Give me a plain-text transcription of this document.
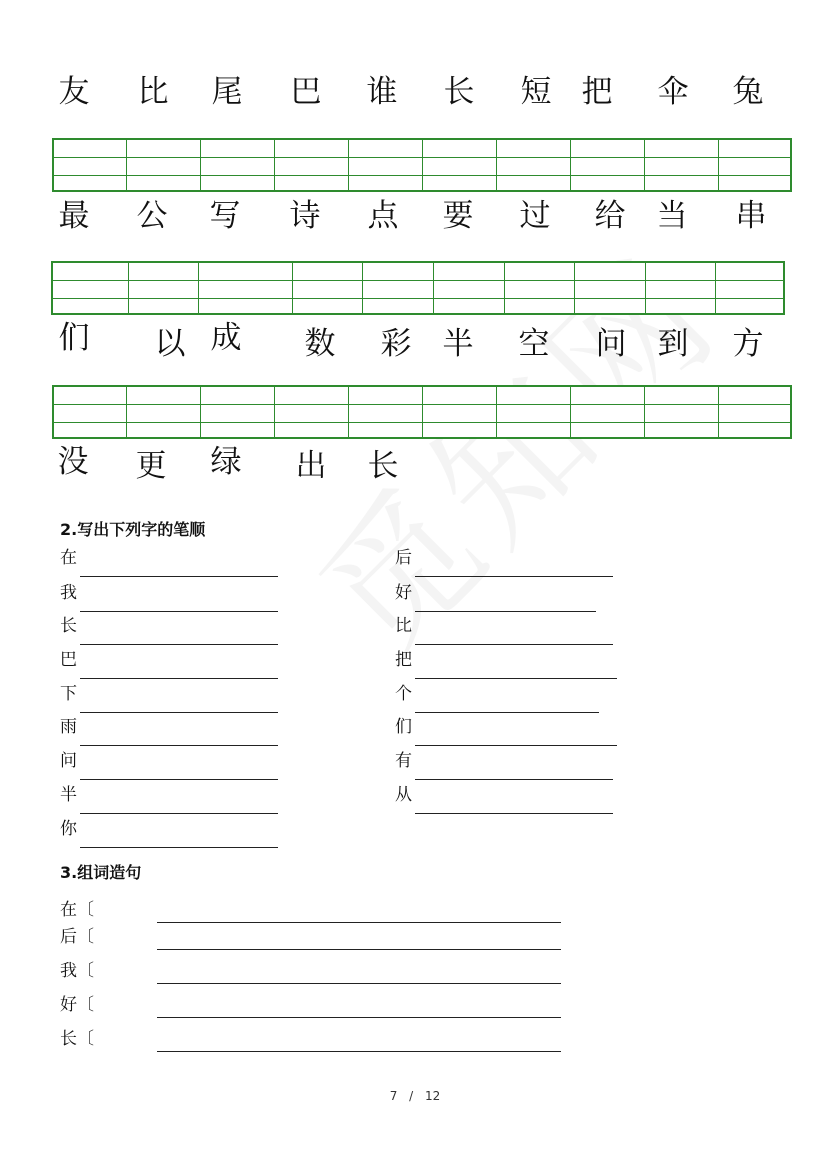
友	比	尾	巴	谁	长	短 把	伞	兔
最	公	写	诗	点	要	过	给	当	串
们	以 成	数	彩	半	空	问	到	方
没	更	绿	出	长
2.写出下列字的笔顺
在
我
长
巴
下
雨
问
半
你
后
好
比
把
个
们
有
从
3.组词造句
在〔
后〔
我〔
好〔
长〔
7 / 12
